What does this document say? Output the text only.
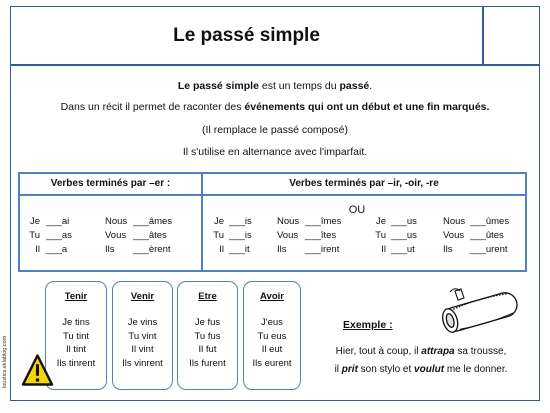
Le passé simple
Le passé simple est un temps du passé.
Dans un récit il permet de raconter des événements qui ont un début et une fin marqués.
(Il remplace le passé composé)
Il s'utilise en alternance avec l'imparfait.
Verbes terminés par –er :	Verbes terminés par –ir, -oir, -re
OU
Je ___ai	Nous ___âmes
Tu ___as	Vous ___âtes
Il ___a	Ils ___èrent
Je ___is	Nous ___îmes
Tu ___is	Vous ___îtes
Il ___it	Ils ___irent
Je ___us	Nous ___ûmes
Tu ___us	Vous ___ûtes
Il ___ut	Ils ___urent
Tenir
Je tins
Tu tint
Il tint
Ils tinrent
Venir
Je vins
Tu vint
Il vint
Ils vinrent
Etre
Je fus
Tu fus
Il fut
Ils furent
Avoir
J'eus
Tu eus
Il eut
Ils eurent
Exemple :
Hier, tout à coup, il attrapa sa trousse,
il prit son stylo et voulut me le donner.
loustics.eklablog.com
